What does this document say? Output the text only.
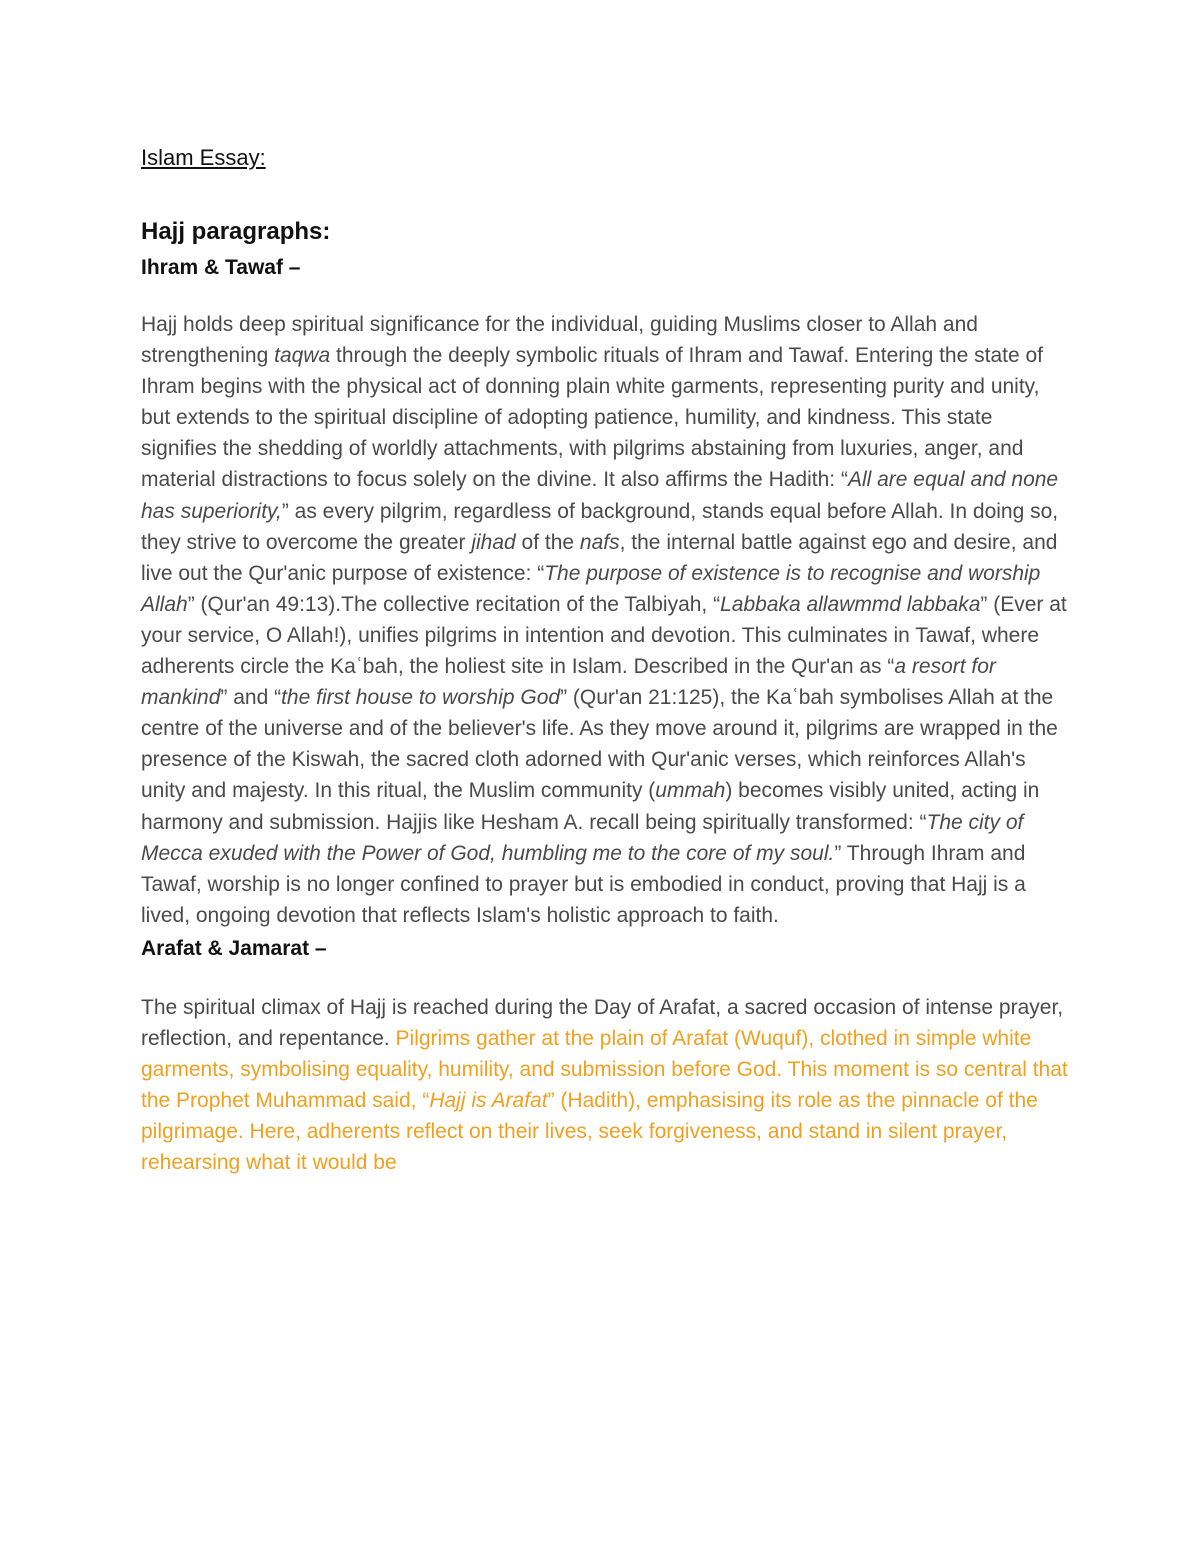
Islam Essay:
Hajj paragraphs:
Ihram & Tawaf –

Hajj holds deep spiritual significance for the individual, guiding Muslims closer to Allah and strengthening taqwa through the deeply symbolic rituals of Ihram and Tawaf. Entering the state of Ihram begins with the physical act of donning plain white garments, representing purity and unity, but extends to the spiritual discipline of adopting patience, humility, and kindness. This state signifies the shedding of worldly attachments, with pilgrims abstaining from luxuries, anger, and material distractions to focus solely on the divine. It also affirms the Hadith: “All are equal and none has superiority,” as every pilgrim, regardless of background, stands equal before Allah. In doing so, they strive to overcome the greater jihad of the nafs, the internal battle against ego and desire, and live out the Qur'anic purpose of existence: “The purpose of existence is to recognise and worship Allah” (Qur'an 49:13).The collective recitation of the Talbiyah, “Labbaka allawmmd labbaka” (Ever at your service, O Allah!), unifies pilgrims in intention and devotion. This culminates in Tawaf, where adherents circle the Kaʿbah, the holiest site in Islam. Described in the Qur'an as “a resort for mankind” and “the first house to worship God” (Qur'an 21:125), the Kaʿbah symbolises Allah at the centre of the universe and of the believer's life. As they move around it, pilgrims are wrapped in the presence of the Kiswah, the sacred cloth adorned with Qur'anic verses, which reinforces Allah's unity and majesty. In this ritual, the Muslim community (ummah) becomes visibly united, acting in harmony and submission. Hajjis like Hesham A. recall being spiritually transformed: “The city of Mecca exuded with the Power of God, humbling me to the core of my soul.” Through Ihram and Tawaf, worship is no longer confined to prayer but is embodied in conduct, proving that Hajj is a lived, ongoing devotion that reflects Islam's holistic approach to faith.

Arafat & Jamarat –

The spiritual climax of Hajj is reached during the Day of Arafat, a sacred occasion of intense prayer, reflection, and repentance. Pilgrims gather at the plain of Arafat (Wuquf), clothed in simple white garments, symbolising equality, humility, and submission before God. This moment is so central that the Prophet Muhammad said, “Hajj is Arafat” (Hadith), emphasising its role as the pinnacle of the pilgrimage. Here, adherents reflect on their lives, seek forgiveness, and stand in silent prayer, rehearsing what it would be
